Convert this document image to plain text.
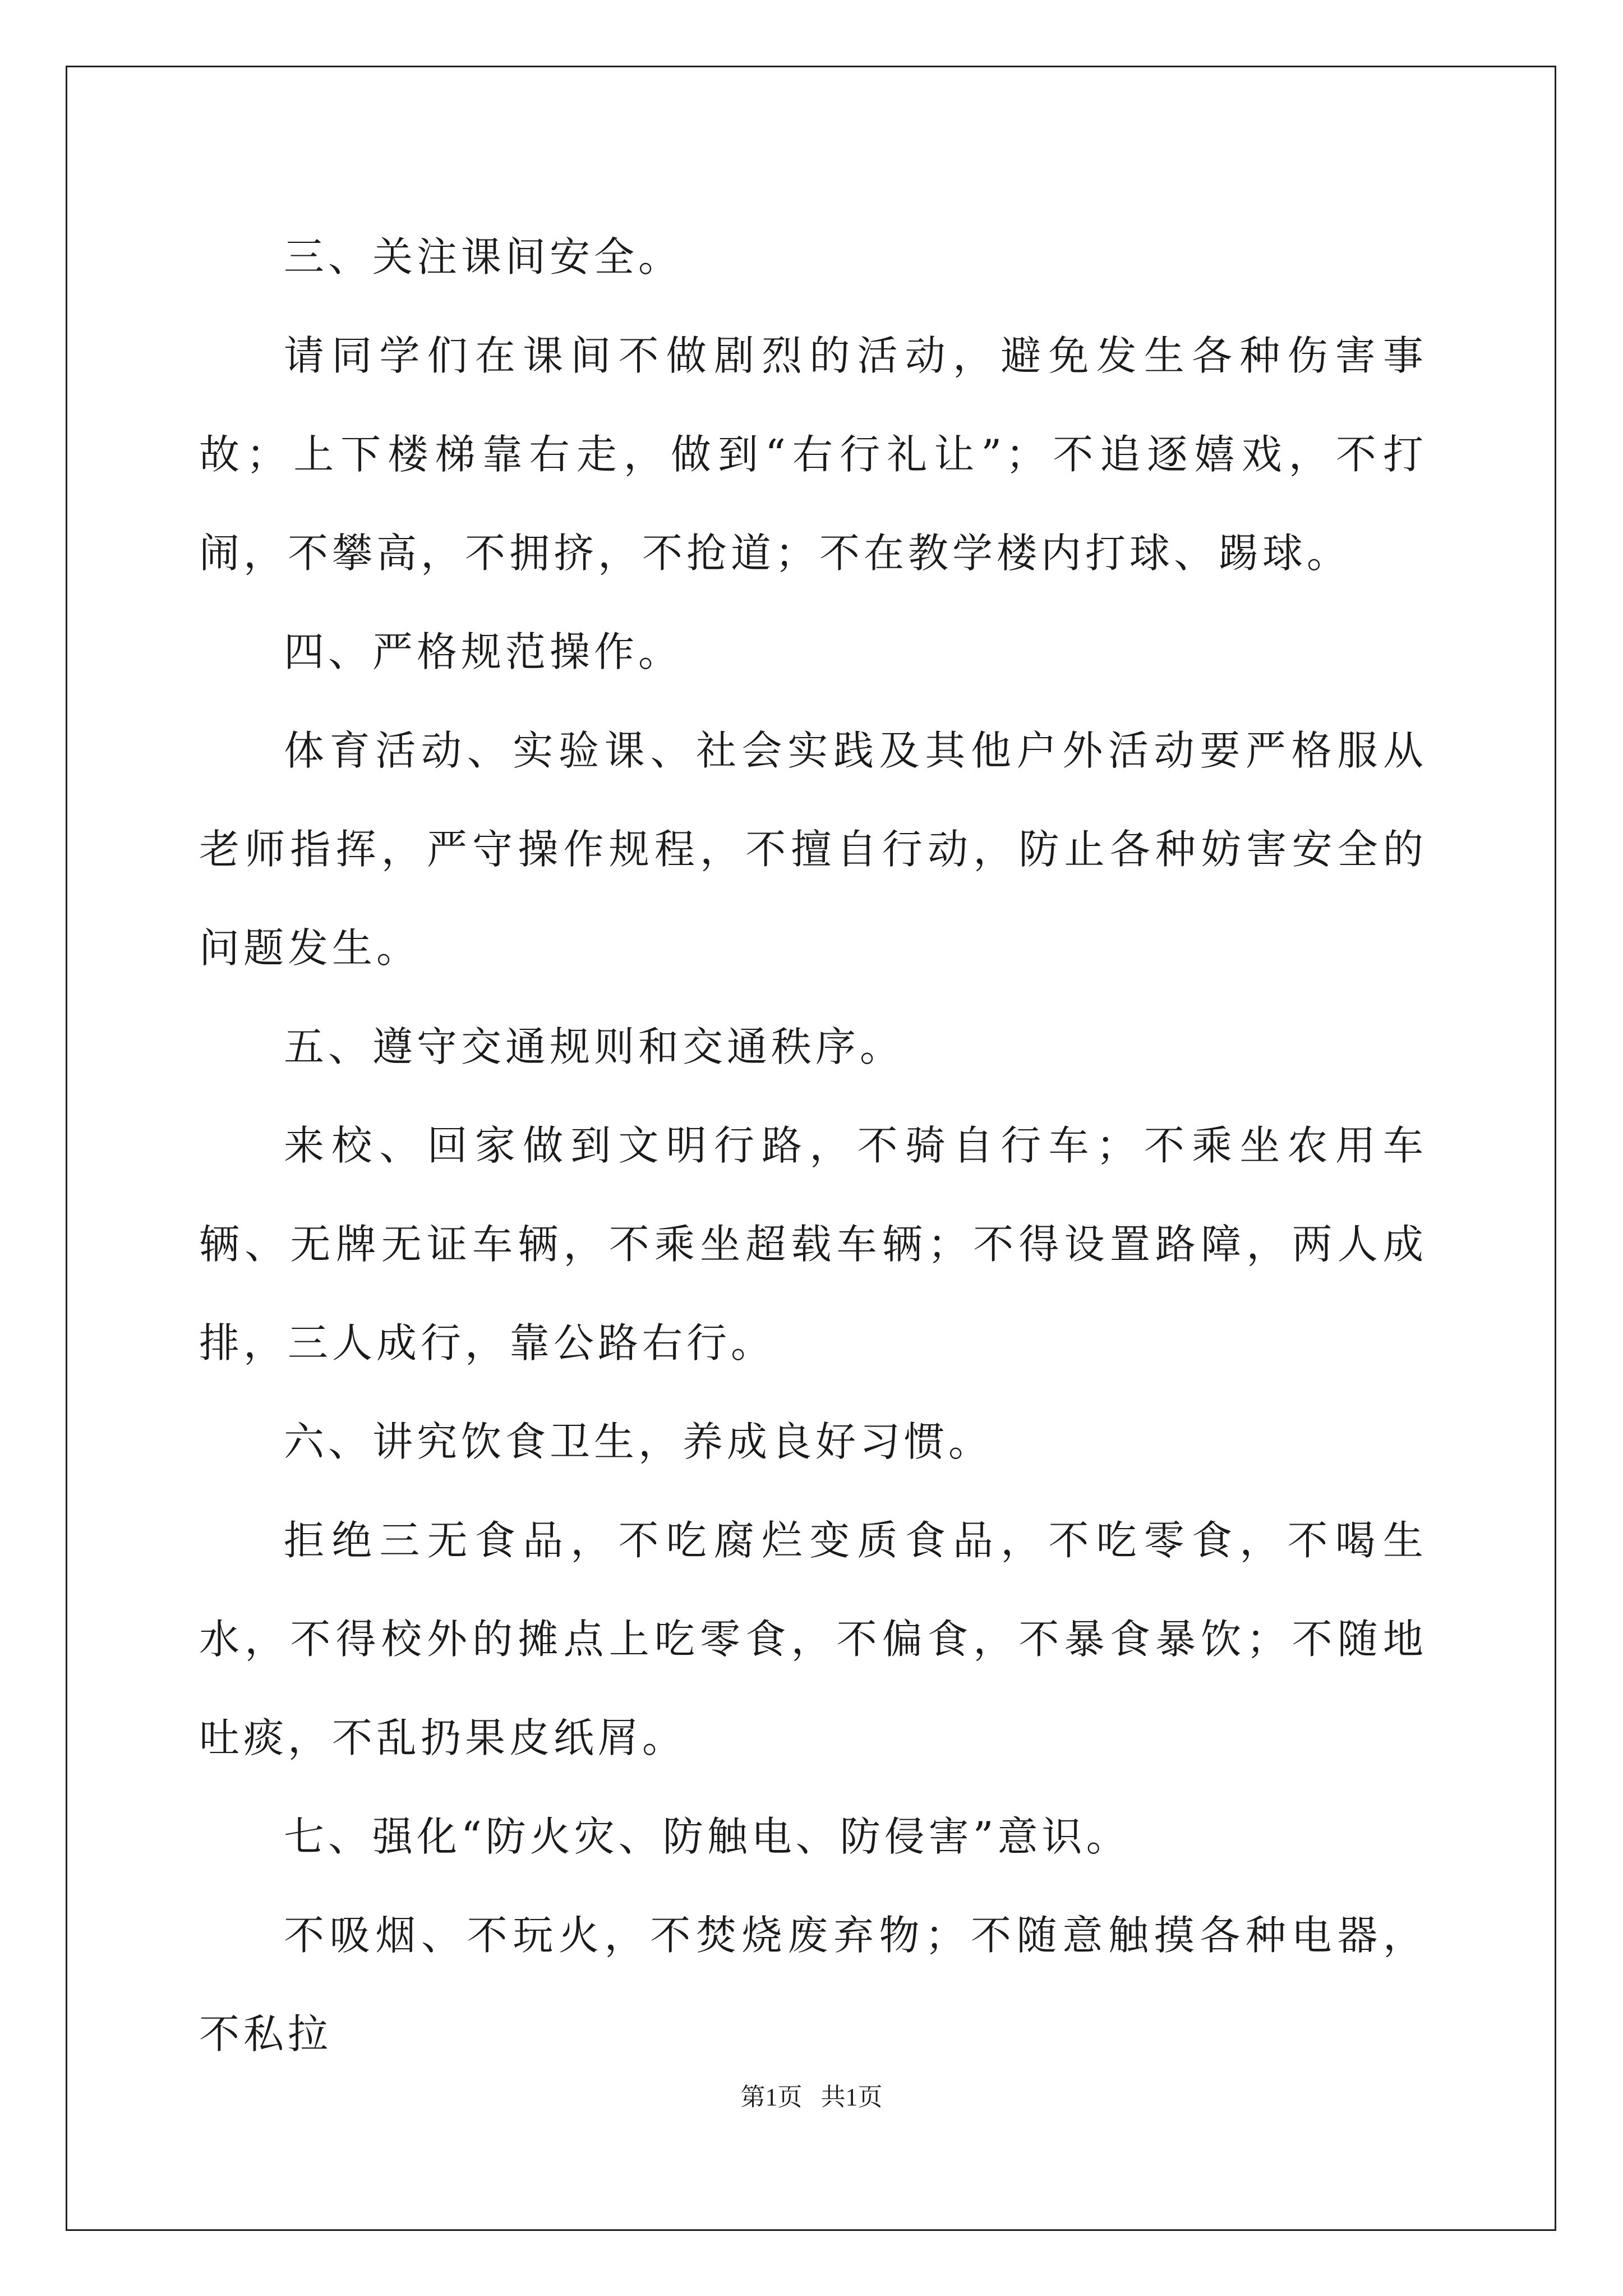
三、关注课间安全。

请同学们在课间不做剧烈的活动，避免发生各种伤害事故；上下楼梯靠右走，做到“右行礼让”；不追逐嬉戏，不打闹，不攀高，不拥挤，不抢道；不在教学楼内打球、踢球。

四、严格规范操作。

体育活动、实验课、社会实践及其他户外活动要严格服从老师指挥，严守操作规程，不擅自行动，防止各种妨害安全的问题发生。

五、遵守交通规则和交通秩序。

来校、回家做到文明行路，不骑自行车；不乘坐农用车辆、无牌无证车辆，不乘坐超载车辆；不得设置路障，两人成排，三人成行，靠公路右行。

六、讲究饮食卫生，养成良好习惯。

拒绝三无食品，不吃腐烂变质食品，不吃零食，不喝生水，不得校外的摊点上吃零食，不偏食，不暴食暴饮；不随地吐痰，不乱扔果皮纸屑。

七、强化“防火灾、防触电、防侵害”意识。

不吸烟、不玩火，不焚烧废弃物；不随意触摸各种电器，不私拉

第1页 共1页
